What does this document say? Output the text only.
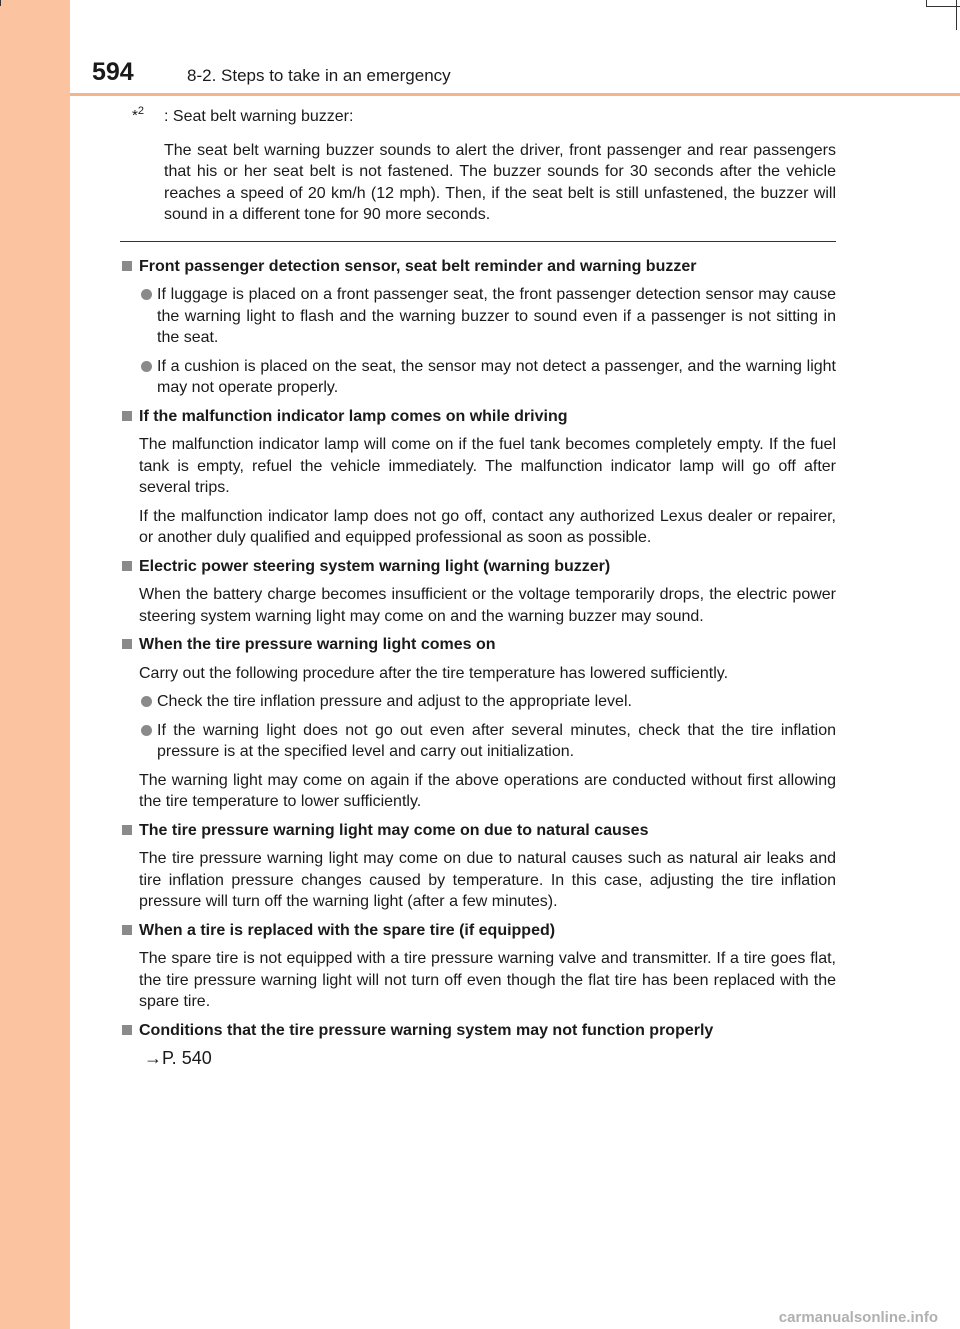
594	8-2. Steps to take in an emergency
*$^2$ : Seat belt warning buzzer:
The seat belt warning buzzer sounds to alert the driver, front passenger and rear passengers that his or her seat belt is not fastened. The buzzer sounds for 30 seconds after the vehicle reaches a speed of 20 km/h (12 mph). Then, if the seat belt is still unfastened, the buzzer will sound in a different tone for 90 more seconds.
Front passenger detection sensor, seat belt reminder and warning buzzer
If luggage is placed on a front passenger seat, the front passenger detection sensor may cause the warning light to flash and the warning buzzer to sound even if a passenger is not sitting in the seat.
If a cushion is placed on the seat, the sensor may not detect a passenger, and the warning light may not operate properly.
If the malfunction indicator lamp comes on while driving
The malfunction indicator lamp will come on if the fuel tank becomes completely empty. If the fuel tank is empty, refuel the vehicle immediately. The malfunction indicator lamp will go off after several trips.
If the malfunction indicator lamp does not go off, contact any authorized Lexus dealer or repairer, or another duly qualified and equipped professional as soon as possible.
Electric power steering system warning light (warning buzzer)
When the battery charge becomes insufficient or the voltage temporarily drops, the electric power steering system warning light may come on and the warning buzzer may sound.
When the tire pressure warning light comes on
Carry out the following procedure after the tire temperature has lowered sufficiently.
Check the tire inflation pressure and adjust to the appropriate level.
If the warning light does not go out even after several minutes, check that the tire inflation pressure is at the specified level and carry out initialization.
The warning light may come on again if the above operations are conducted without first allowing the tire temperature to lower sufficiently.
The tire pressure warning light may come on due to natural causes
The tire pressure warning light may come on due to natural causes such as natural air leaks and tire inflation pressure changes caused by temperature. In this case, adjusting the tire inflation pressure will turn off the warning light (after a few minutes).
When a tire is replaced with the spare tire (if equipped)
The spare tire is not equipped with a tire pressure warning valve and transmitter. If a tire goes flat, the tire pressure warning light will not turn off even though the flat tire has been replaced with the spare tire.
Conditions that the tire pressure warning system may not function properly
→P. 540
carmanualsonline.info
